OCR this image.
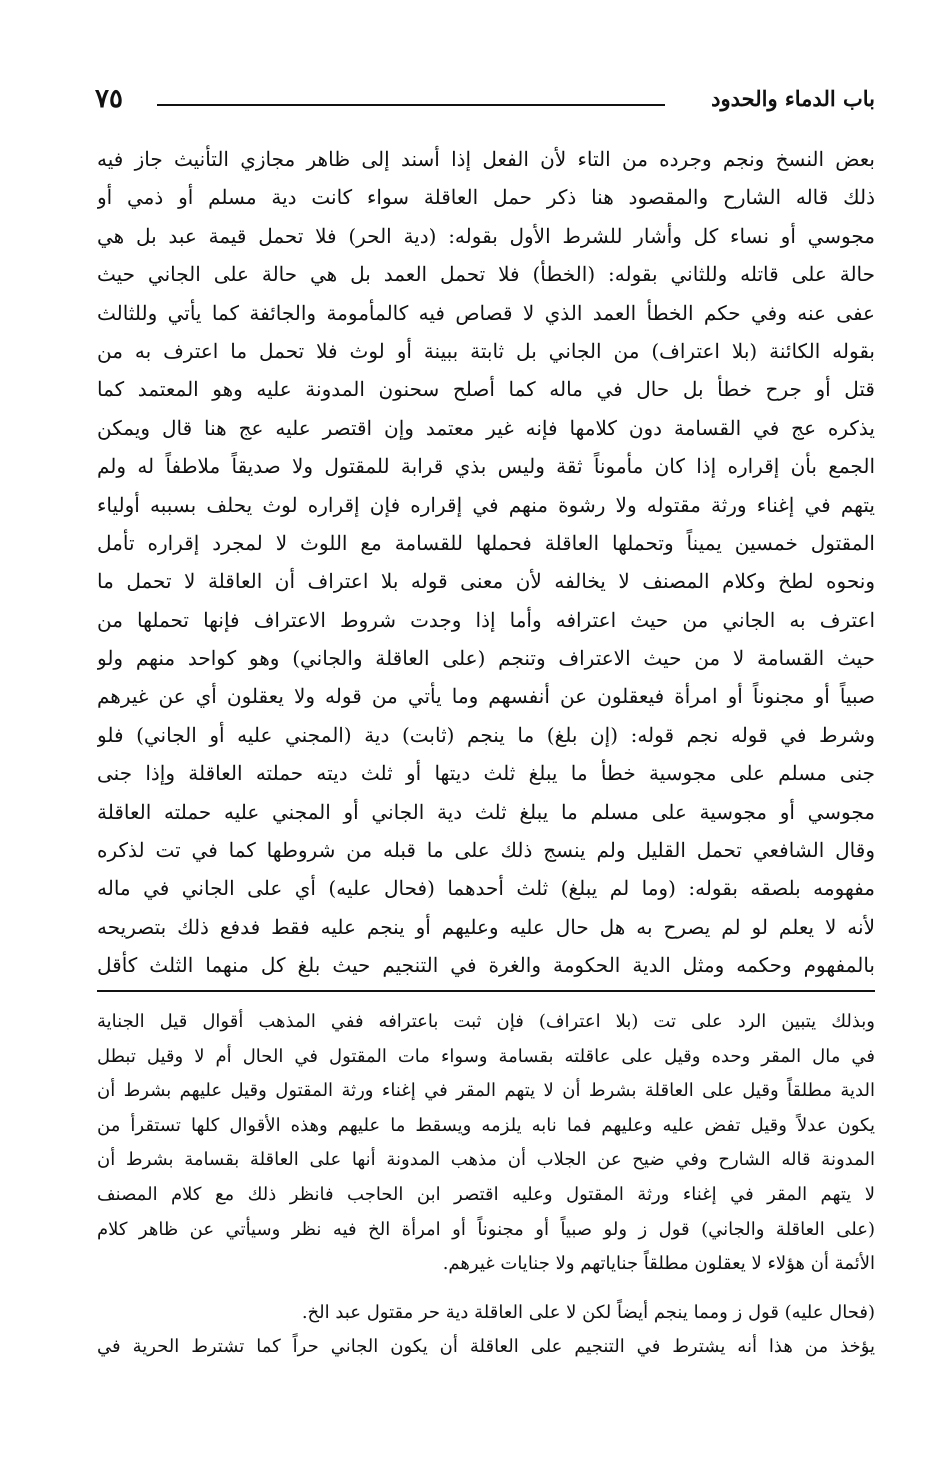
٧٥	باب الدماء والحدود
بعض النسخ ونجم وجرده من التاء لأن الفعل إذا أسند إلى ظاهر مجازي التأنيث جاز فيه
ذلك قاله الشارح والمقصود هنا ذكر حمل العاقلة سواء كانت دية مسلم أو ذمي أو
مجوسي أو نساء كل وأشار للشرط الأول بقوله: (دية الحر) فلا تحمل قيمة عبد بل هي
حالة على قاتله وللثاني بقوله: (الخطأ) فلا تحمل العمد بل هي حالة على الجاني حيث
عفى عنه وفي حكم الخطأ العمد الذي لا قصاص فيه كالمأمومة والجائفة كما يأتي وللثالث
بقوله الكائنة (بلا اعتراف) من الجاني بل ثابتة ببينة أو لوث فلا تحمل ما اعترف به من
قتل أو جرح خطأ بل حال في ماله كما أصلح سحنون المدونة عليه وهو المعتمد كما
يذكره عج في القسامة دون كلامها فإنه غير معتمد وإن اقتصر عليه عج هنا قال ويمكن
الجمع بأن إقراره إذا كان مأموناً ثقة وليس بذي قرابة للمقتول ولا صديقاً ملاطفاً له ولم
يتهم في إغناء ورثة مقتوله ولا رشوة منهم في إقراره فإن إقراره لوث يحلف بسببه أولياء
المقتول خمسين يميناً وتحملها العاقلة فحملها للقسامة مع اللوث لا لمجرد إقراره تأمل
ونحوه لطخ وكلام المصنف لا يخالفه لأن معنى قوله بلا اعتراف أن العاقلة لا تحمل ما
اعترف به الجاني من حيث اعترافه وأما إذا وجدت شروط الاعتراف فإنها تحملها من
حيث القسامة لا من حيث الاعتراف وتنجم (على العاقلة والجاني) وهو كواحد منهم ولو
صبياً أو مجنوناً أو امرأة فيعقلون عن أنفسهم وما يأتي من قوله ولا يعقلون أي عن غيرهم
وشرط في قوله نجم قوله: (إن بلغ) ما ينجم (ثابت) دية (المجني عليه أو الجاني) فلو
جنى مسلم على مجوسية خطأ ما يبلغ ثلث ديتها أو ثلث ديته حملته العاقلة وإذا جنى
مجوسي أو مجوسية على مسلم ما يبلغ ثلث دية الجاني أو المجني عليه حملته العاقلة
وقال الشافعي تحمل القليل ولم ينسج ذلك على ما قبله من شروطها كما في تت لذكره
مفهومه بلصقه بقوله: (وما لم يبلغ) ثلث أحدهما (فحال عليه) أي على الجاني في ماله
لأنه لا يعلم لو لم يصرح به هل حال عليه وعليهم أو ينجم عليه فقط فدفع ذلك بتصريحه
بالمفهوم وحكمه ومثل الدية الحكومة والغرة في التنجيم حيث بلغ كل منهما الثلث كأقل
وبذلك يتبين الرد على تت (بلا اعتراف) فإن ثبت باعترافه ففي المذهب أقوال قيل الجناية
في مال المقر وحده وقيل على عاقلته بقسامة وسواء مات المقتول في الحال أم لا وقيل تبطل
الدية مطلقاً وقيل على العاقلة بشرط أن لا يتهم المقر في إغناء ورثة المقتول وقيل عليهم بشرط أن
يكون عدلاً وقيل تفض عليه وعليهم فما نابه يلزمه ويسقط ما عليهم وهذه الأقوال كلها تستقرأ من
المدونة قاله الشارح وفي ضيح عن الجلاب أن مذهب المدونة أنها على العاقلة بقسامة بشرط أن
لا يتهم المقر في إغناء ورثة المقتول وعليه اقتصر ابن الحاجب فانظر ذلك مع كلام المصنف
(على العاقلة والجاني) قول ز ولو صبياً أو مجنوناً أو امرأة الخ فيه نظر وسيأتي عن ظاهر كلام
الأئمة أن هؤلاء لا يعقلون مطلقاً جناياتهم ولا جنايات غيرهم.
(فحال عليه) قول ز ومما ينجم أيضاً لكن لا على العاقلة دية حر مقتول عبد الخ.
يؤخذ من هذا أنه يشترط في التنجيم على العاقلة أن يكون الجاني حراً كما تشترط الحرية في
